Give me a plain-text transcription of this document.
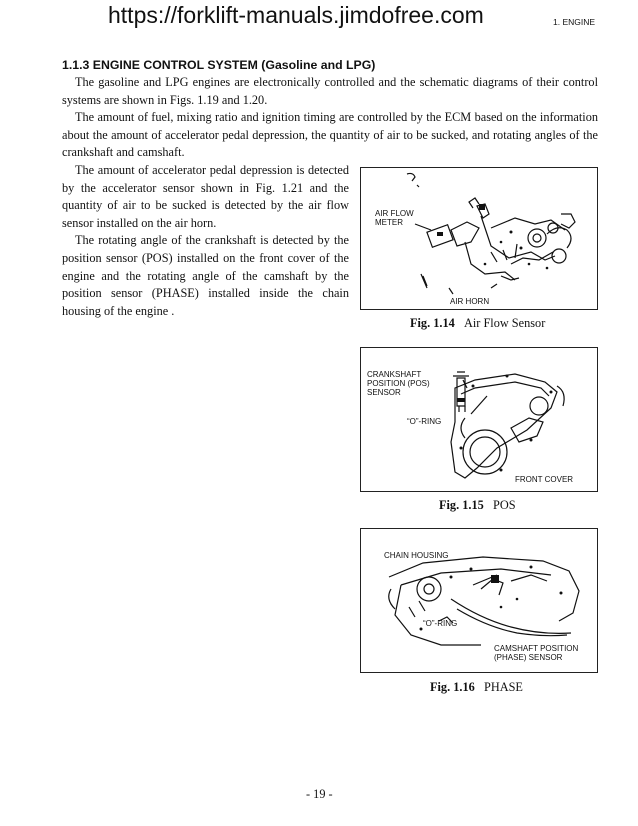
https://forklift-manuals.jimdofree.com	1. ENGINE
1.1.3 ENGINE CONTROL SYSTEM (Gasoline and LPG)

The gasoline and LPG engines are electronically controlled and the schematic diagrams of their control systems are shown in Figs. 1.19 and 1.20.

The amount of fuel, mixing ratio and ignition timing are controlled by the ECM based on the information about the amount of accelerator pedal depression, the quantity of air to be sucked, and rotating angles of the crankshaft and camshaft.

The amount of accelerator pedal depression is detected by the accelerator sensor shown in Fig. 1.21 and the quantity of air to be sucked is detected by the air flow sensor installed on the air horn.

The rotating angle of the crankshaft is detected by the position sensor (POS) installed on the front cover of the engine and the rotating angle of the camshaft by the position sensor (PHASE) installed inside the chain housing of the engine .

AIR FLOW
METER
AIR HORN
Fig. 1.14 Air Flow Sensor
CRANKSHAFT
POSITION (POS)
SENSOR
“O”-RING
FRONT COVER
Fig. 1.15 POS
CHAIN HOUSING
“O”-RING
CAMSHAFT POSITION
(PHASE) SENSOR
Fig. 1.16 PHASE
- 19 -
